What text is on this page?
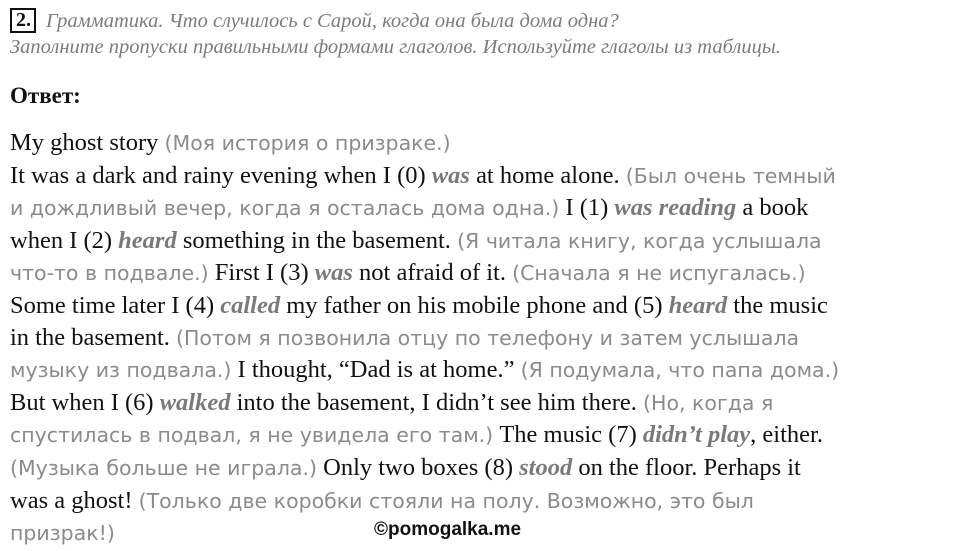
2. Грамматика. Что случилось с Сарой, когда она была дома одна?
Заполните пропуски правильными формами глаголов. Используйте глаголы из таблицы.
Ответ:
My ghost story (Моя история о призраке.)
It was a dark and rainy evening when I (0) was at home alone. (Был очень темный
и дождливый вечер, когда я осталась дома одна.) I (1) was reading a book
when I (2) heard something in the basement. (Я читала книгу, когда услышала
что-то в подвале.) First I (3) was not afraid of it. (Сначала я не испугалась.)
Some time later I (4) called my father on his mobile phone and (5) heard the music
in the basement. (Потом я позвонила отцу по телефону и затем услышала
музыку из подвала.) I thought, “Dad is at home.” (Я подумала, что папа дома.)
But when I (6) walked into the basement, I didn’t see him there. (Но, когда я
спустилась в подвал, я не увидела его там.) The music (7) didn’t play, either.
(Музыка больше не играла.) Only two boxes (8) stood on the floor. Perhaps it
was a ghost! (Только две коробки стояли на полу. Возможно, это был
призрак!)	©pomogalka.me
